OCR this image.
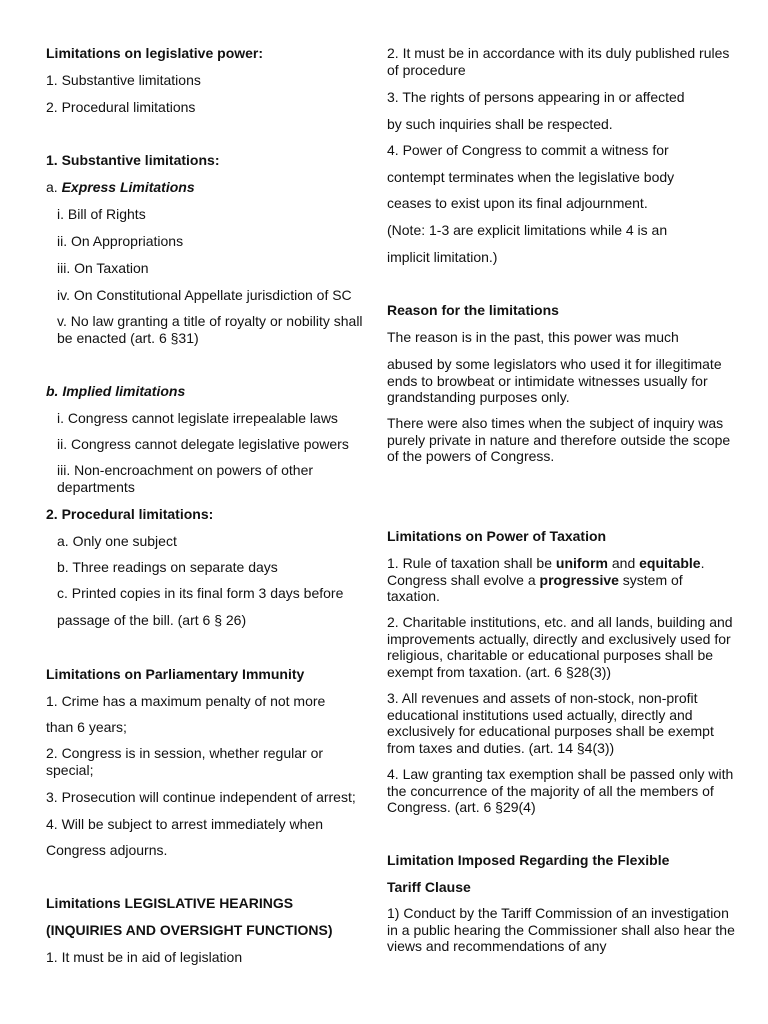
Limitations on legislative power:
1. Substantive limitations
2. Procedural limitations
1. Substantive limitations:
a. Express Limitations
i. Bill of Rights
ii. On Appropriations
iii. On Taxation
iv. On Constitutional Appellate jurisdiction of SC
v. No law granting a title of royalty or nobility shall be enacted (art. 6 §31)
b. Implied limitations
i. Congress cannot legislate irrepealable laws
ii. Congress cannot delegate legislative powers
iii. Non-encroachment on powers of other departments
2. Procedural limitations:
a. Only one subject
b. Three readings on separate days
c. Printed copies in its final form 3 days before
passage of the bill. (art 6 § 26)
Limitations on Parliamentary Immunity
1. Crime has a maximum penalty of not more
than 6 years;
2. Congress is in session, whether regular or special;
3. Prosecution will continue independent of arrest;
4. Will be subject to arrest immediately when
Congress adjourns.
Limitations LEGISLATIVE HEARINGS
(INQUIRIES AND OVERSIGHT FUNCTIONS)
1. It must be in aid of legislation
2. It must be in accordance with its duly published rules of procedure
3. The rights of persons appearing in or affected
by such inquiries shall be respected.
4. Power of Congress to commit a witness for
contempt terminates when the legislative body
ceases to exist upon its final adjournment.
(Note: 1-3 are explicit limitations while 4 is an
implicit limitation.)
Reason for the limitations
The reason is in the past, this power was much
abused by some legislators who used it for illegitimate ends to browbeat or intimidate witnesses usually for grandstanding purposes only.
There were also times when the subject of inquiry was purely private in nature and therefore outside the scope of the powers of Congress.
Limitations on Power of Taxation
1. Rule of taxation shall be uniform and equitable. Congress shall evolve a progressive system of taxation.
2. Charitable institutions, etc. and all lands, building and improvements actually, directly and exclusively used for religious, charitable or educational purposes shall be exempt from taxation. (art. 6 §28(3))
3. All revenues and assets of non-stock, non-profit educational institutions used actually, directly and exclusively for educational purposes shall be exempt from taxes and duties. (art. 14 §4(3))
4. Law granting tax exemption shall be passed only with the concurrence of the majority of all the members of Congress. (art. 6 §29(4)
Limitation Imposed Regarding the Flexible
Tariff Clause
1) Conduct by the Tariff Commission of an investigation in a public hearing the Commissioner shall also hear the views and recommendations of any
